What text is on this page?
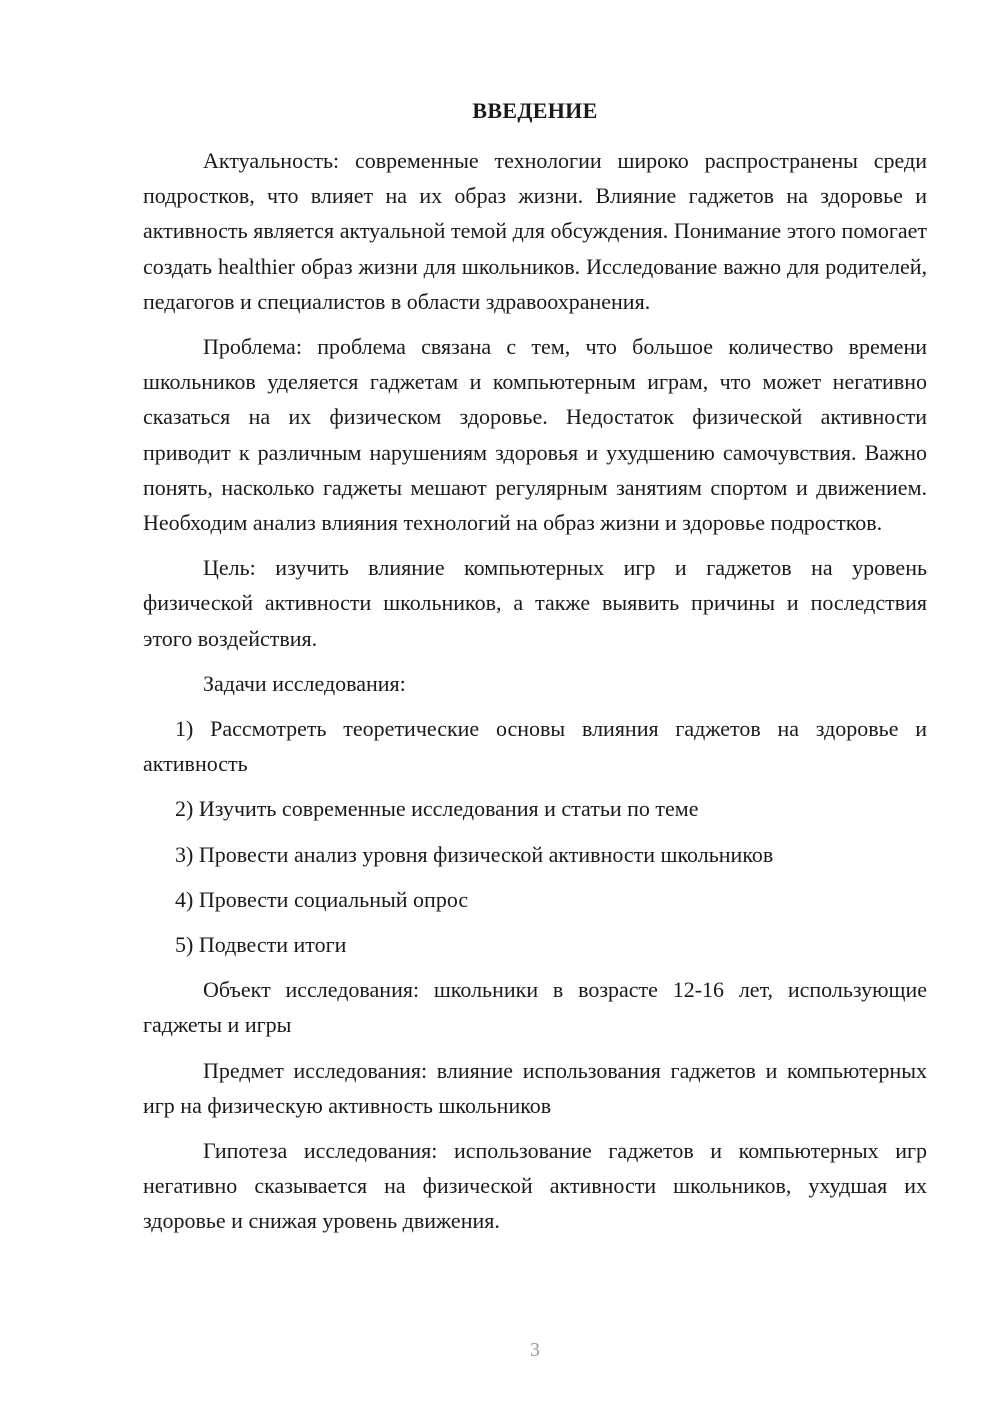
ВВЕДЕНИЕ

Актуальность: современные технологии широко распространены среди подростков, что влияет на их образ жизни. Влияние гаджетов на здоровье и активность является актуальной темой для обсуждения. Понимание этого помогает создать healthier образ жизни для школьников. Исследование важно для родителей, педагогов и специалистов в области здравоохранения.

Проблема: проблема связана с тем, что большое количество времени школьников уделяется гаджетам и компьютерным играм, что может негативно сказаться на их физическом здоровье. Недостаток физической активности приводит к различным нарушениям здоровья и ухудшению самочувствия. Важно понять, насколько гаджеты мешают регулярным занятиям спортом и движением. Необходим анализ влияния технологий на образ жизни и здоровье подростков.

Цель: изучить влияние компьютерных игр и гаджетов на уровень физической активности школьников, а также выявить причины и последствия этого воздействия.

Задачи исследования:

1) Рассмотреть теоретические основы влияния гаджетов на здоровье и активность

2) Изучить современные исследования и статьи по теме

3) Провести анализ уровня физической активности школьников

4) Провести социальный опрос

5) Подвести итоги

Объект исследования: школьники в возрасте 12-16 лет, использующие гаджеты и игры

Предмет исследования: влияние использования гаджетов и компьютерных игр на физическую активность школьников

Гипотеза исследования: использование гаджетов и компьютерных игр негативно сказывается на физической активности школьников, ухудшая их здоровье и снижая уровень движения.

3
